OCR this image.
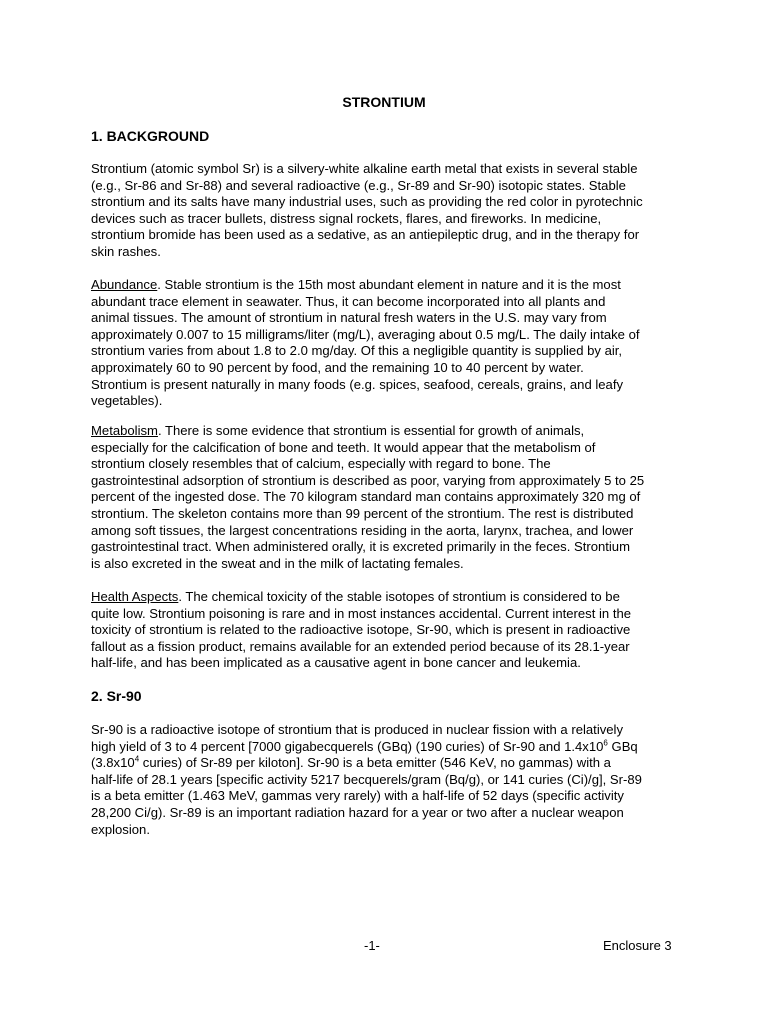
STRONTIUM
1. BACKGROUND

Strontium (atomic symbol Sr) is a silvery-white alkaline earth metal that exists in several stable
(e.g., Sr-86 and Sr-88) and several radioactive (e.g., Sr-89 and Sr-90) isotopic states. Stable
strontium and its salts have many industrial uses, such as providing the red color in pyrotechnic
devices such as tracer bullets, distress signal rockets, flares, and fireworks. In medicine,
strontium bromide has been used as a sedative, as an antiepileptic drug, and in the therapy for
skin rashes.

Abundance. Stable strontium is the 15th most abundant element in nature and it is the most
abundant trace element in seawater. Thus, it can become incorporated into all plants and
animal tissues. The amount of strontium in natural fresh waters in the U.S. may vary from
approximately 0.007 to 15 milligrams/liter (mg/L), averaging about 0.5 mg/L. The daily intake of
strontium varies from about 1.8 to 2.0 mg/day. Of this a negligible quantity is supplied by air,
approximately 60 to 90 percent by food, and the remaining 10 to 40 percent by water.
Strontium is present naturally in many foods (e.g. spices, seafood, cereals, grains, and leafy
vegetables).

Metabolism. There is some evidence that strontium is essential for growth of animals,
especially for the calcification of bone and teeth. It would appear that the metabolism of
strontium closely resembles that of calcium, especially with regard to bone. The
gastrointestinal adsorption of strontium is described as poor, varying from approximately 5 to 25
percent of the ingested dose. The 70 kilogram standard man contains approximately 320 mg of
strontium. The skeleton contains more than 99 percent of the strontium. The rest is distributed
among soft tissues, the largest concentrations residing in the aorta, larynx, trachea, and lower
gastrointestinal tract. When administered orally, it is excreted primarily in the feces. Strontium
is also excreted in the sweat and in the milk of lactating females.

Health Aspects. The chemical toxicity of the stable isotopes of strontium is considered to be
quite low. Strontium poisoning is rare and in most instances accidental. Current interest in the
toxicity of strontium is related to the radioactive isotope, Sr-90, which is present in radioactive
fallout as a fission product, remains available for an extended period because of its 28.1-year
half-life, and has been implicated as a causative agent in bone cancer and leukemia.

2. Sr-90

Sr-90 is a radioactive isotope of strontium that is produced in nuclear fission with a relatively
high yield of 3 to 4 percent [7000 gigabecquerels (GBq) (190 curies) of Sr-90 and $1.4x10^6$ GBq
($3.8x10^4$ curies) of Sr-89 per kiloton]. Sr-90 is a beta emitter (546 KeV, no gammas) with a
half-life of 28.1 years [specific activity 5217 becquerels/gram (Bq/g), or 141 curies (Ci)/g], Sr-89
is a beta emitter (1.463 MeV, gammas very rarely) with a half-life of 52 days (specific activity
28,200 Ci/g). Sr-89 is an important radiation hazard for a year or two after a nuclear weapon
explosion.

-1-	Enclosure 3
